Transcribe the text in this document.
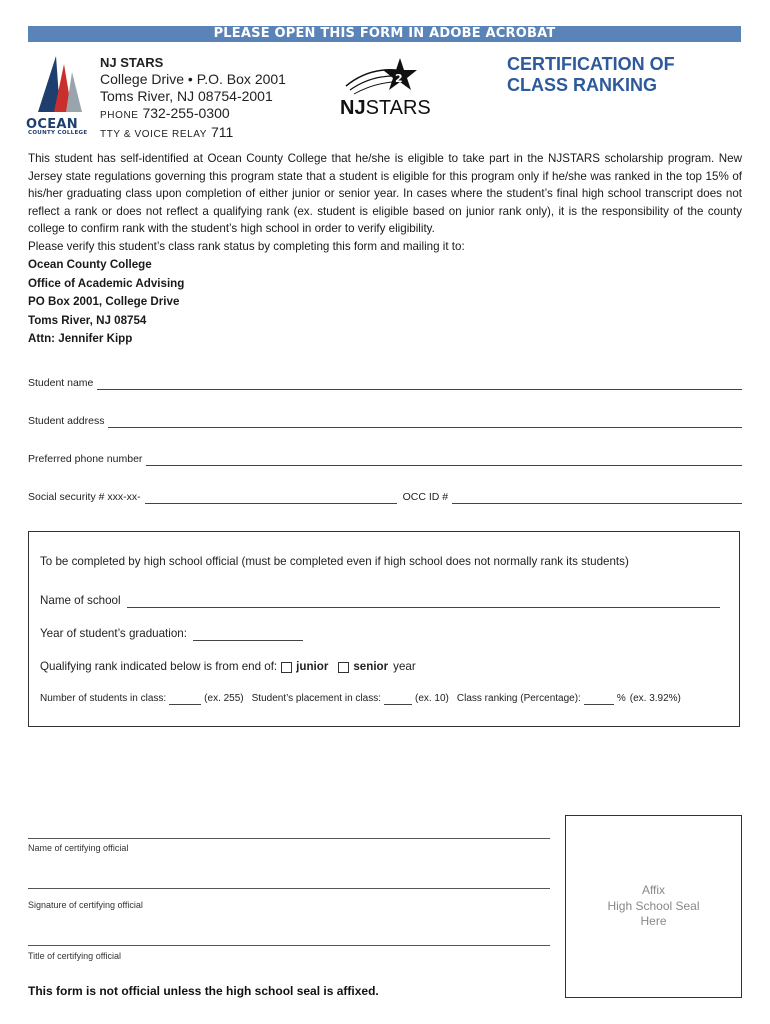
PLEASE OPEN THIS FORM IN ADOBE ACROBAT
OCEAN
COUNTY COLLEGE
NJ STARS
College Drive • P.O. Box 2001
Toms River, NJ 08754-2001
PHONE 732-255-0300
TTY & VOICE RELAY 711
2
NJSTARS
CERTIFICATION OF
CLASS RANKING
This student has self-identified at Ocean County College that he/she is eligible to take part in the NJSTARS scholarship program. New Jersey state regulations governing this program state that a student is eligible for this program only if he/she was ranked in the top 15% of his/her graduating class upon completion of either junior or senior year. In cases where the student’s final high school transcript does not reflect a rank or does not reflect a qualifying rank (ex. student is eligible based on junior rank only), it is the responsibility of the county college to confirm rank with the student’s high school in order to verify eligibility.
Please verify this student’s class rank status by completing this form and mailing it to:
Ocean County College
Office of Academic Advising
PO Box 2001, College Drive
Toms River, NJ 08754
Attn: Jennifer Kipp
Student name
Student address
Preferred phone number
Social security # xxx-xx-	OCC ID #
To be completed by high school official (must be completed even if high school does not normally rank its students)
Name of school
Year of student’s graduation:
Qualifying rank indicated below is from end of: junior senior year
Number of students in class:	(ex. 255) Student’s placement in class:	(ex. 10) Class ranking (Percentage):	% (ex. 3.92%)
Name of certifying official
Signature of certifying official
Title of certifying official
Affix
High School Seal
Here
This form is not official unless the high school seal is affixed.
